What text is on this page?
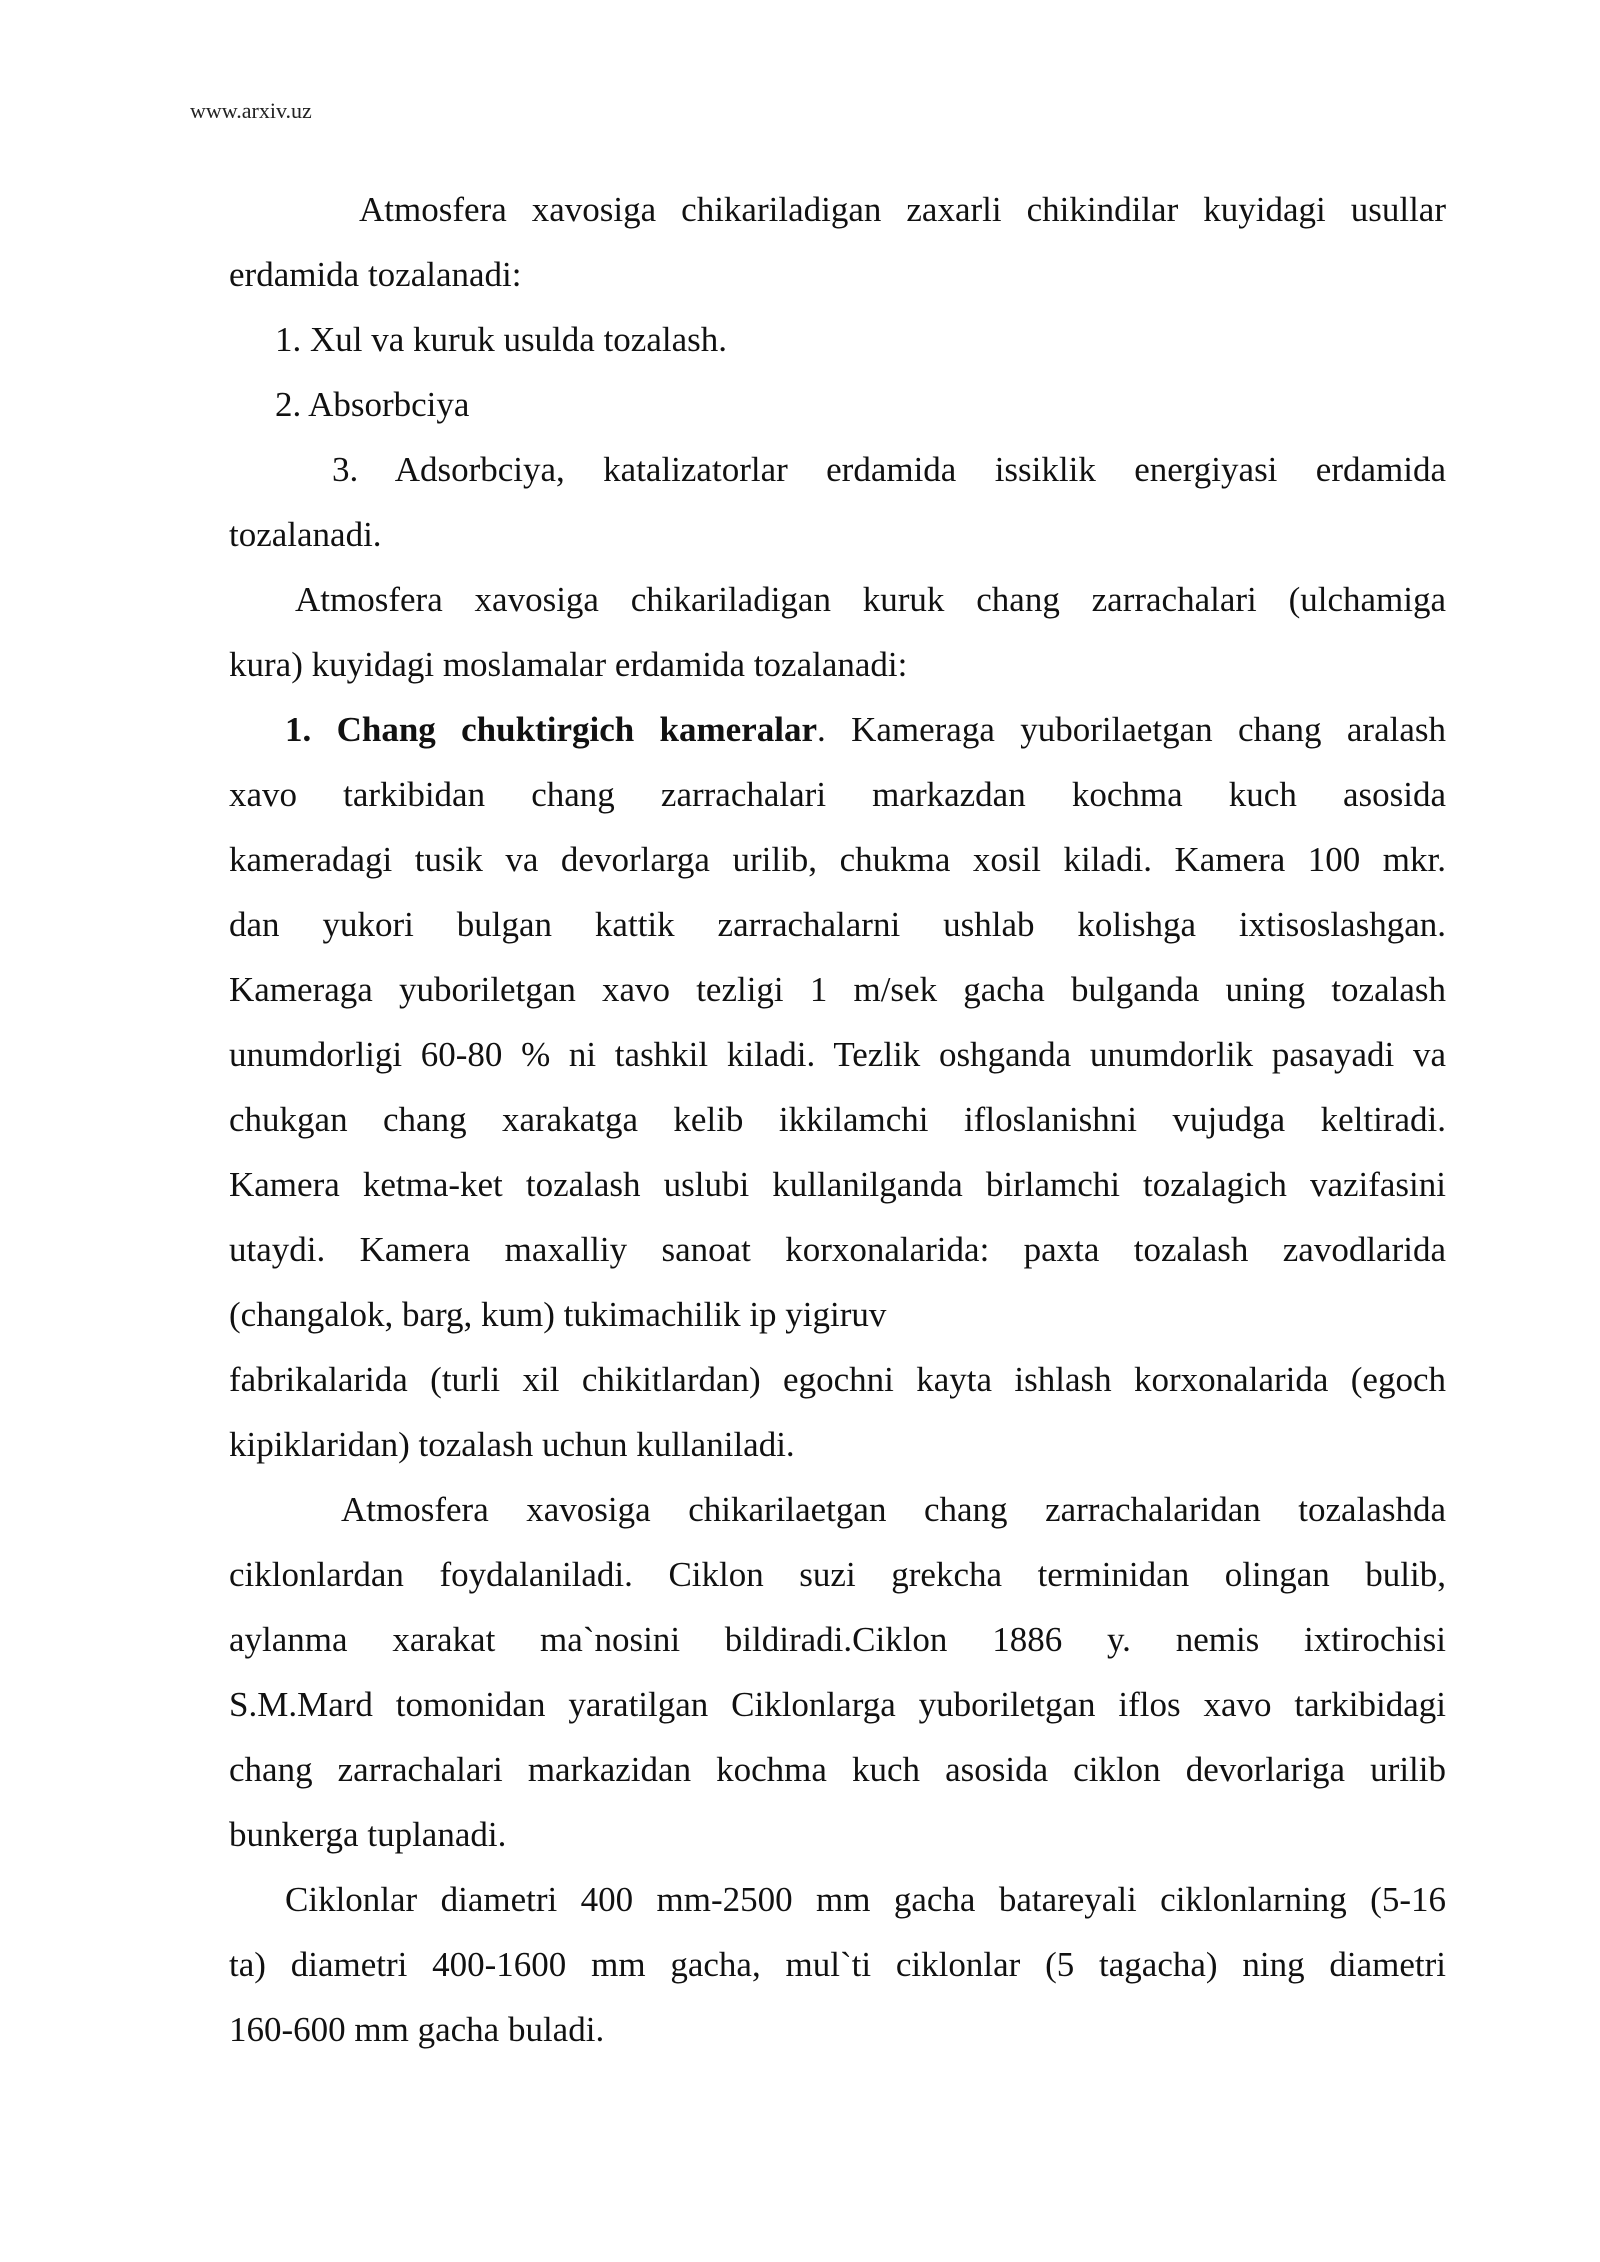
www.arxiv.uz
Atmosfera xavosiga chikariladigan zaxarli chikindilar kuyidagi usullar
erdamida tozalanadi:
1. Xul va kuruk usulda tozalash.
2. Absorbciya
3. Adsorbciya, katalizatorlar erdamida issiklik energiyasi erdamida
tozalanadi.
Atmosfera xavosiga chikariladigan kuruk chang zarrachalari (ulchamiga
kura) kuyidagi moslamalar erdamida tozalanadi:
1. Chang chuktirgich kameralar. Kameraga yuborilaetgan chang aralash
xavo tarkibidan chang zarrachalari markazdan kochma kuch asosida
kameradagi tusik va devorlarga urilib, chukma xosil kiladi. Kamera 100 mkr.
dan yukori bulgan kattik zarrachalarni ushlab kolishga ixtisoslashgan.
Kameraga yuboriletgan xavo tezligi 1 m/sek gacha bulganda uning tozalash
unumdorligi 60-80 % ni tashkil kiladi. Tezlik oshganda unumdorlik pasayadi va
chukgan chang xarakatga kelib ikkilamchi ifloslanishni vujudga keltiradi.
Kamera ketma-ket tozalash uslubi kullanilganda birlamchi tozalagich vazifasini
utaydi. Kamera maxalliy sanoat korxonalarida: paxta tozalash zavodlarida
(changalok, barg, kum) tukimachilik ip yigiruv
fabrikalarida (turli xil chikitlardan) egochni kayta ishlash korxonalarida (egoch
kipiklaridan) tozalash uchun kullaniladi.
Atmosfera xavosiga chikarilaetgan chang zarrachalaridan tozalashda
ciklonlardan foydalaniladi. Ciklon suzi grekcha terminidan olingan bulib,
aylanma xarakat ma`nosini bildiradi.Ciklon 1886 y. nemis ixtirochisi
S.M.Mard tomonidan yaratilgan Ciklonlarga yuboriletgan iflos xavo tarkibidagi
chang zarrachalari markazidan kochma kuch asosida ciklon devorlariga urilib
bunkerga tuplanadi.
Ciklonlar diametri 400 mm-2500 mm gacha batareyali ciklonlarning (5-16
ta) diametri 400-1600 mm gacha, mul`ti ciklonlar (5 tagacha) ning diametri
160-600 mm gacha buladi.
